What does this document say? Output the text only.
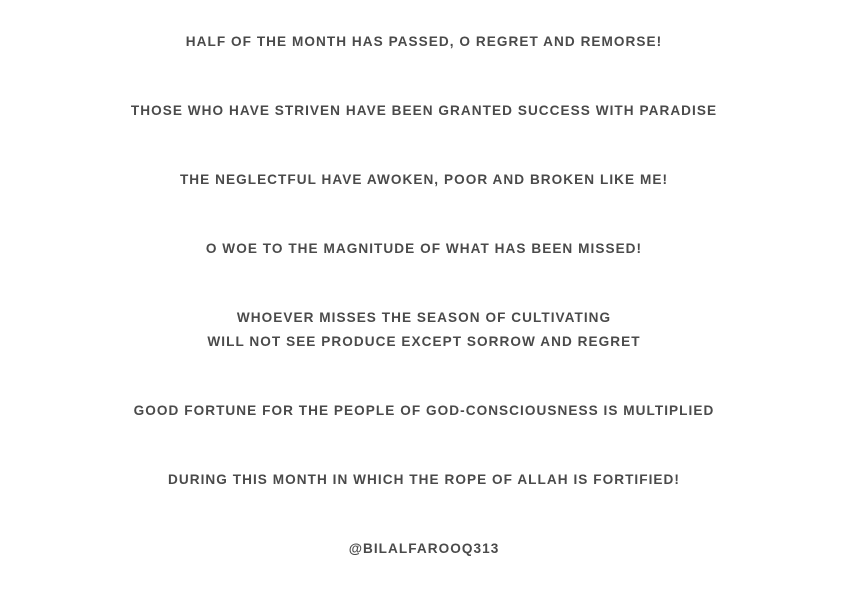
HALF OF THE MONTH HAS PASSED, O REGRET AND REMORSE!
THOSE WHO HAVE STRIVEN HAVE BEEN GRANTED SUCCESS WITH PARADISE
THE NEGLECTFUL HAVE AWOKEN, POOR AND BROKEN LIKE ME!
O WOE TO THE MAGNITUDE OF WHAT HAS BEEN MISSED!
WHOEVER MISSES THE SEASON OF CULTIVATING
WILL NOT SEE PRODUCE EXCEPT SORROW AND REGRET
GOOD FORTUNE FOR THE PEOPLE OF GOD-CONSCIOUSNESS IS MULTIPLIED
DURING THIS MONTH IN WHICH THE ROPE OF ALLAH IS FORTIFIED!
@BILALFAROOQ313
